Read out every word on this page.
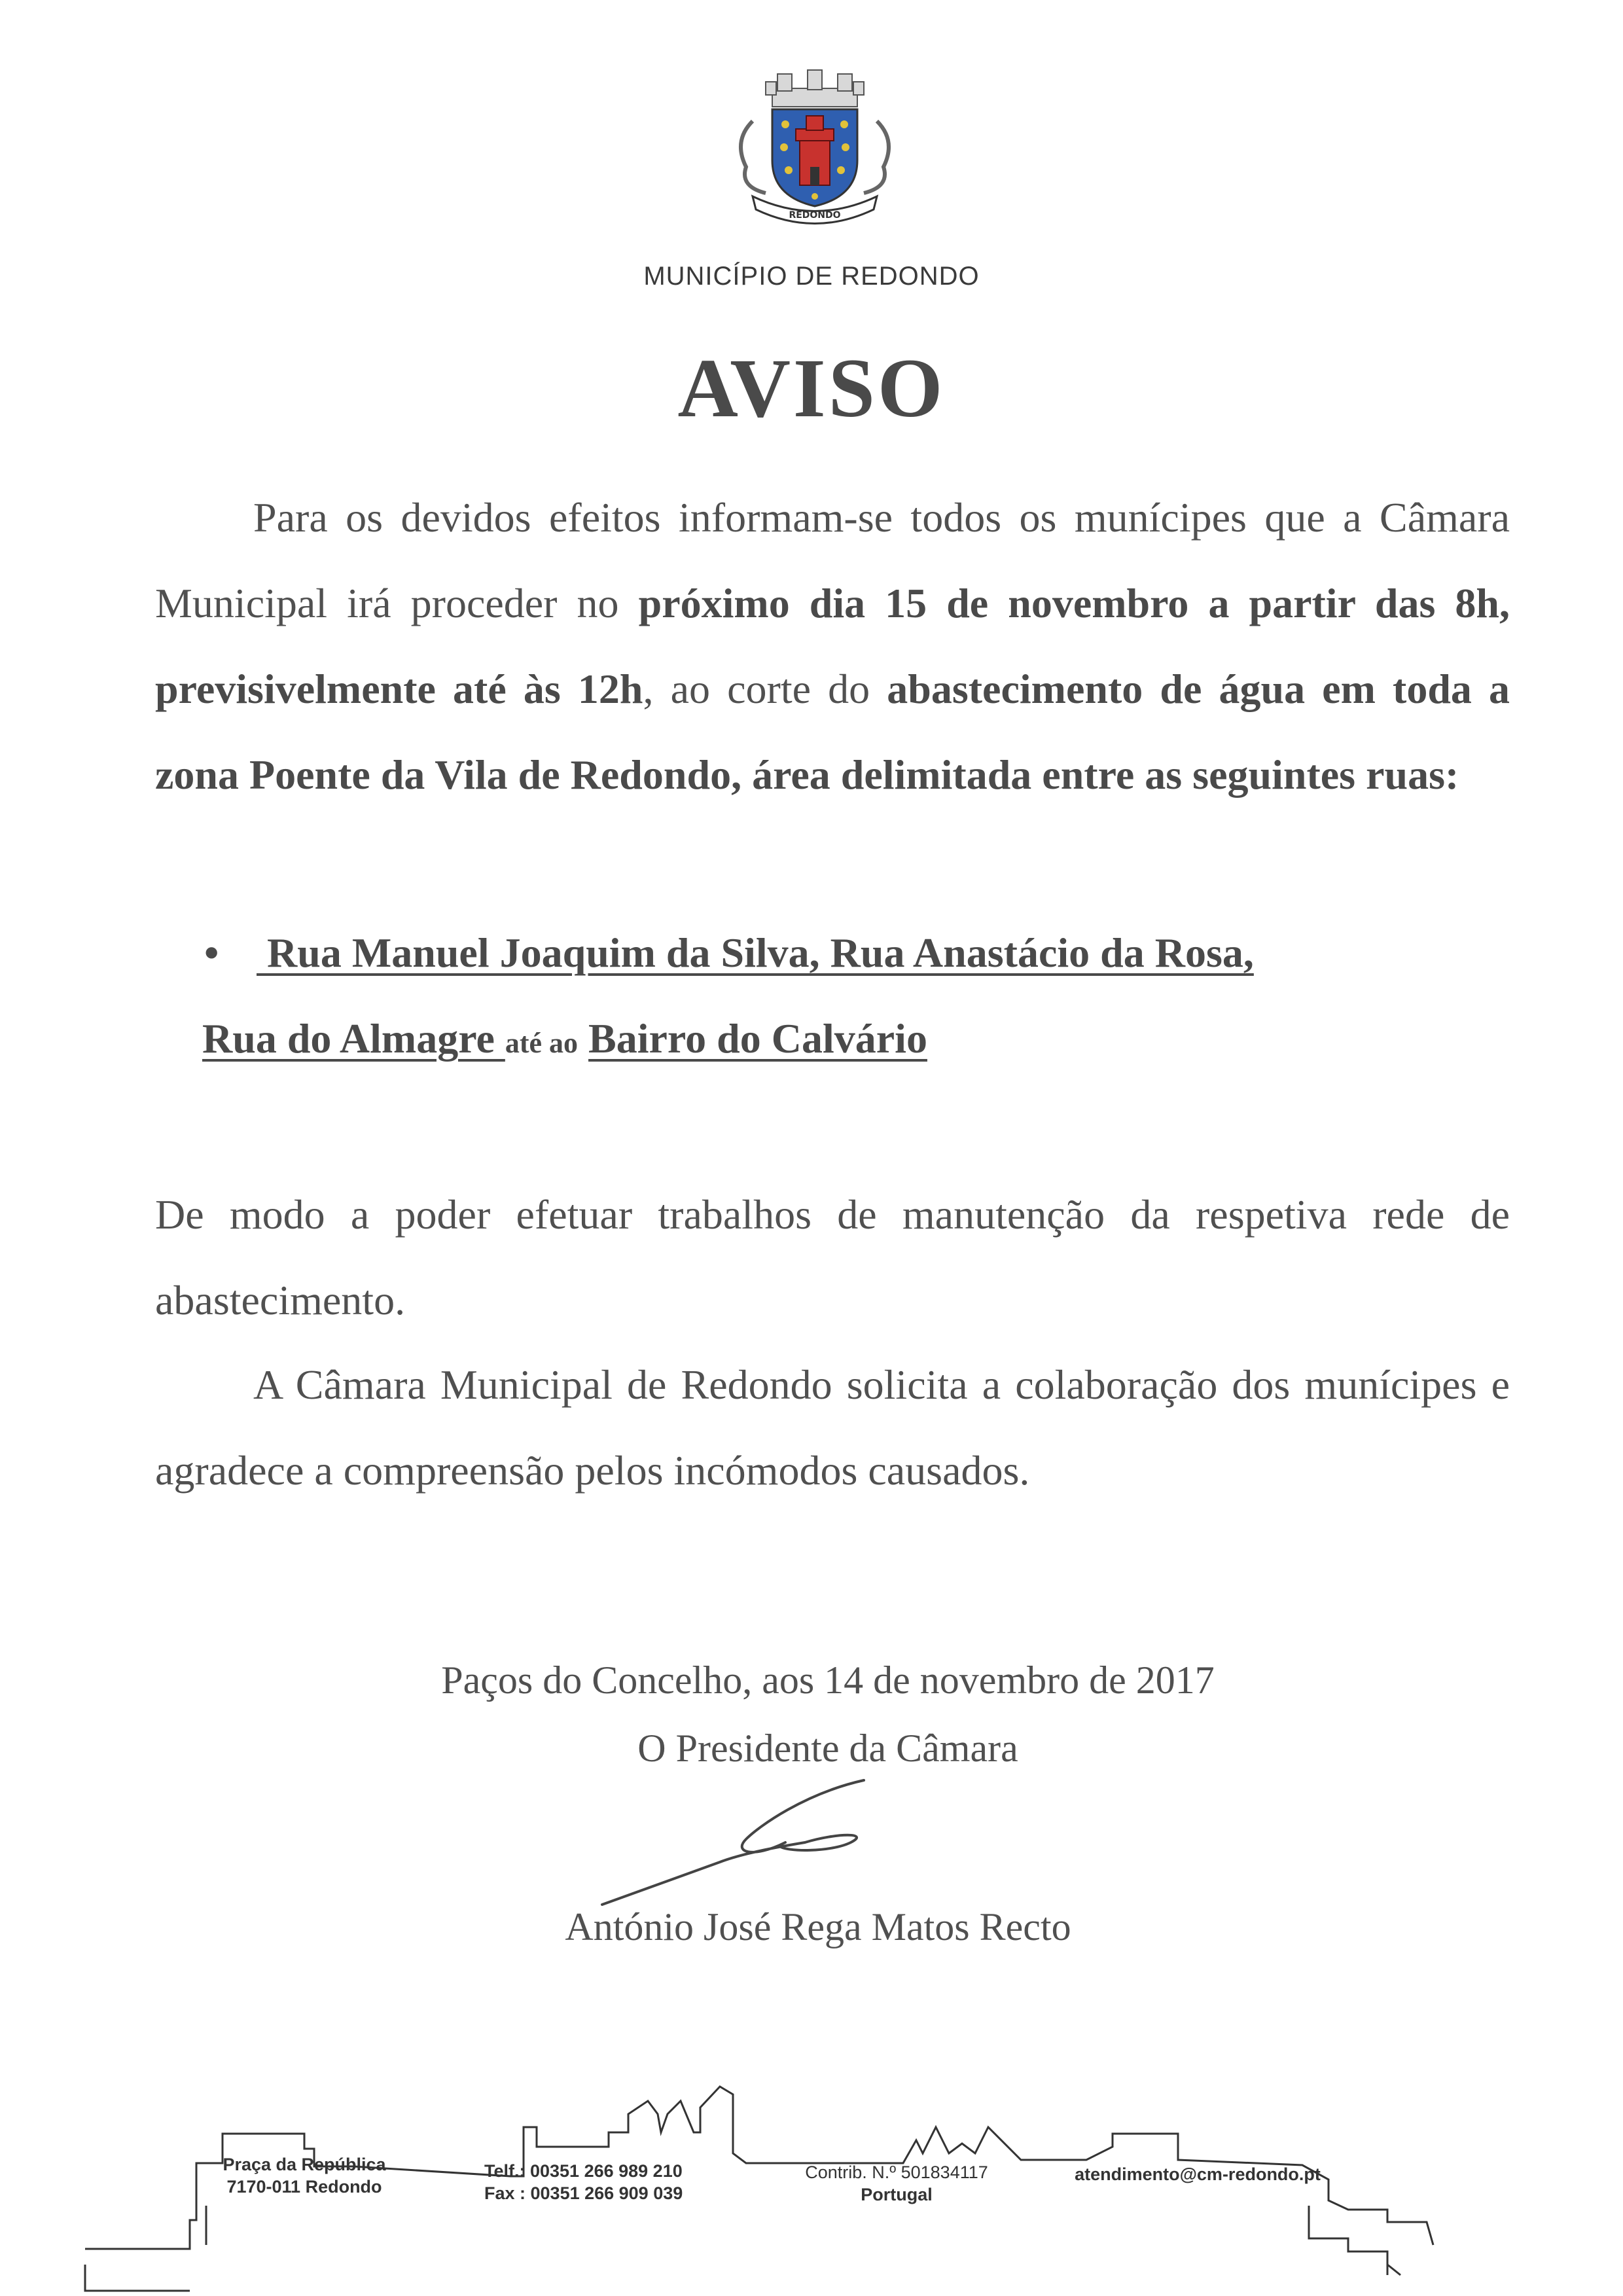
REDONDO
MUNICÍPIO DE REDONDO
AVISO
Para os devidos efeitos informam-se todos os munícipes que a Câmara Municipal irá proceder no próximo dia 15 de novembro a partir das 8h, previsivelmente até às 12h, ao corte do abastecimento de água em toda a zona Poente da Vila de Redondo, área delimitada entre as seguintes ruas:
• Rua Manuel Joaquim da Silva, Rua Anastácio da Rosa,
Rua do Almagre até ao Bairro do Calvário
De modo a poder efetuar trabalhos de manutenção da respetiva rede de abastecimento.
A Câmara Municipal de Redondo solicita a colaboração dos munícipes e agradece a compreensão pelos incómodos causados.
Paços do Concelho, aos 14 de novembro de 2017
O Presidente da Câmara
António José Rega Matos Recto
Praça da República
7170-011 Redondo
Telf.: 00351 266 989 210
Fax : 00351 266 909 039
Contrib. N.º 501834117
Portugal
atendimento@cm-redondo.pt
